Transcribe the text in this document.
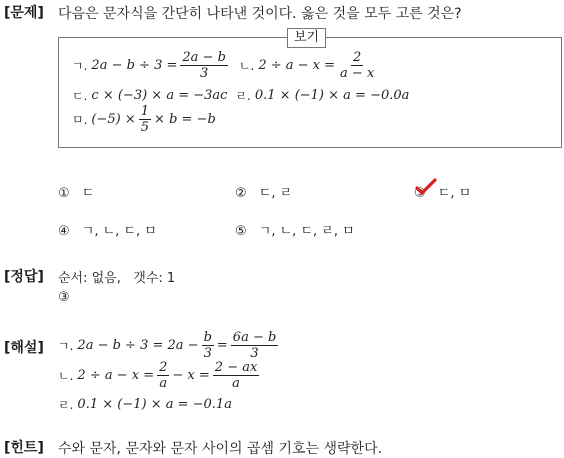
[문제] 다음은 문자식을 간단히 나타낸 것이다. 옳은 것을 모두 고른 것은?
보기
ㄱ. $2a - b \div 3 = \frac{2a - b}{3}$ ㄴ. $2 \div a - x = \frac{2}{a - x}$
ㄷ. c × (−3) × a = −3ac ㄹ. 0.1 × (−1) × a = −0.0a
ㅁ. $(-5) \times \frac{1}{5} \times b = -b$
① ㄷ	② ㄷ, ㄹ	③ ㄷ, ㅁ
④ ㄱ, ㄴ, ㄷ, ㅁ	⑤ ㄱ, ㄴ, ㄷ, ㄹ, ㅁ
[정답] 순서: 없음,   갯수: 1
③
[해설] ㄱ. $2a - b \div 3 = 2a - \frac{b}{3} = \frac{6a - b}{3}$
ㄴ. $2 \div a - x = \frac{2}{a} - x = \frac{2 - ax}{a}$
ㄹ. 0.1 × (−1) × a = −0.1a
[힌트] 수와 문자, 문자와 문자 사이의 곱셈 기호는 생략한다.
